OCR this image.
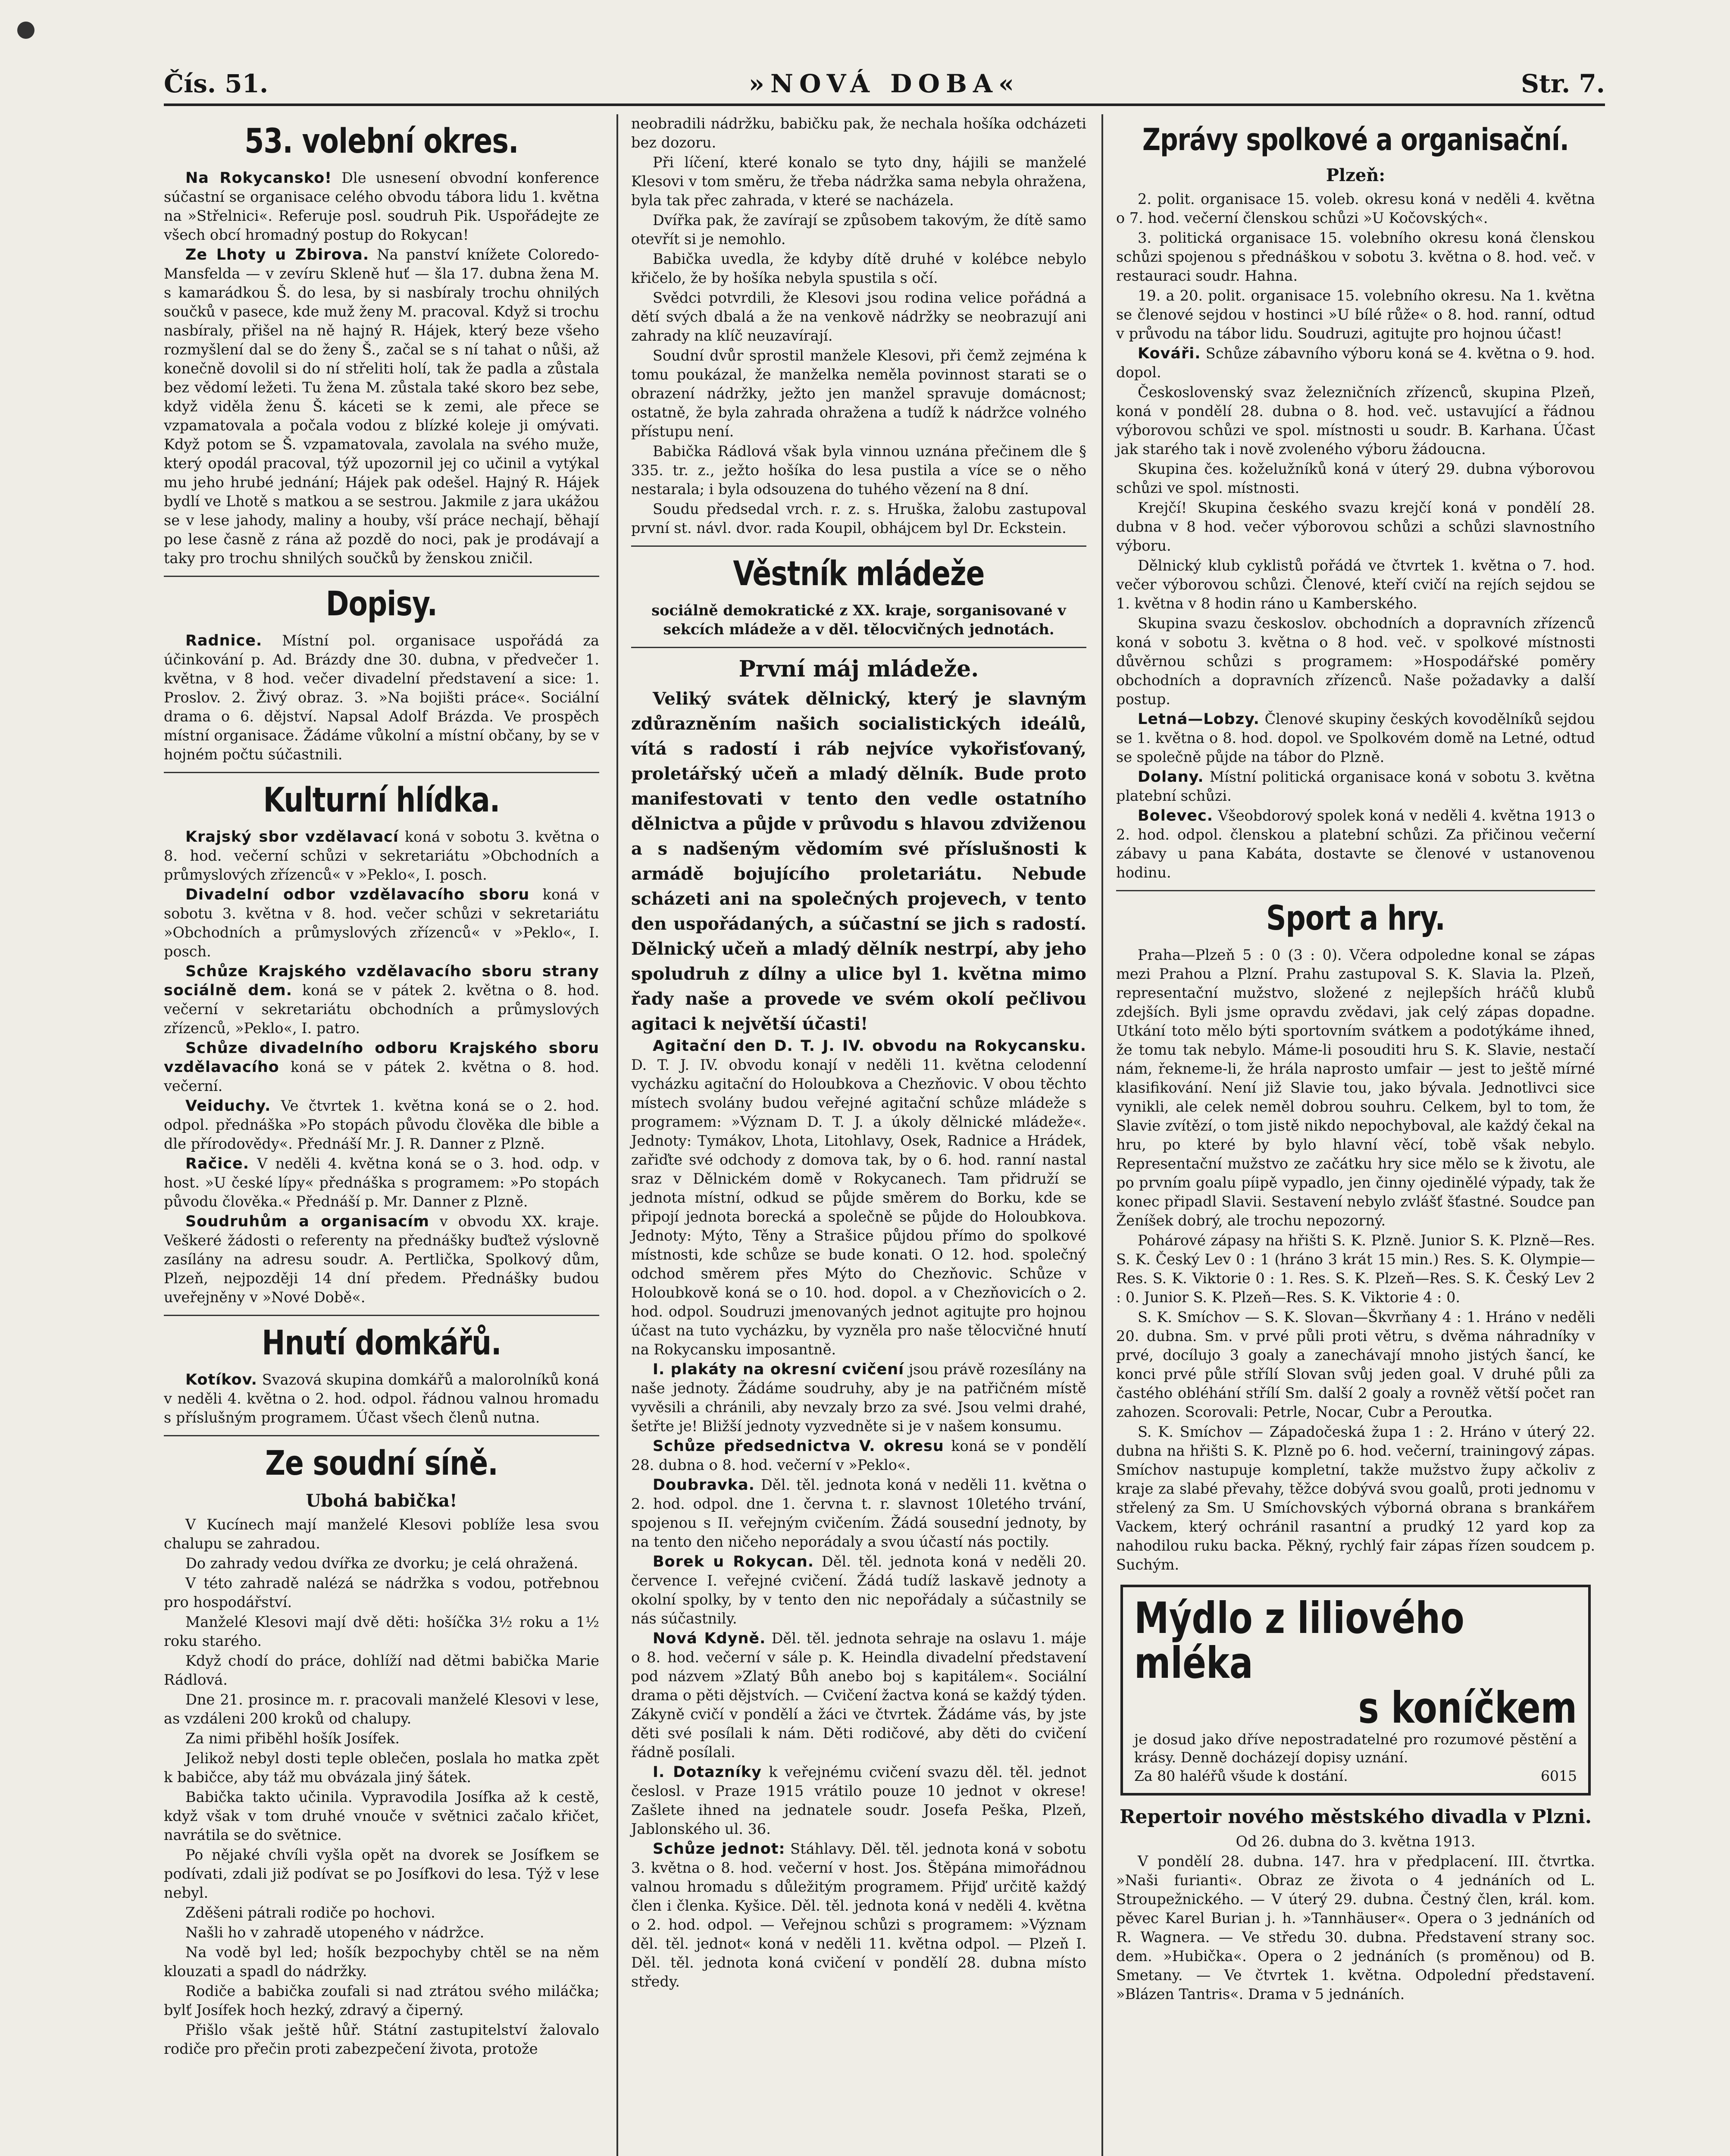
Čís. 51.	»NOVÁ DOBA«	Str. 7.
53. volební okres.

Na Rokycansko! Dle usnesení obvodní konference súčastní se organisace celého obvodu tábora lidu 1. května na »Střelnici«. Referuje posl. soudruh Pik. Uspořádejte ze všech obcí hromadný postup do Rokycan!

Ze Lhoty u Zbirova. Na panství knížete Coloredo-Mansfelda — v zevíru Skleně huť — šla 17. dubna žena M. s kamarádkou Š. do lesa, by si nasbíraly trochu ohnilých součků v pasece, kde muž ženy M. pracoval. Když si trochu nasbíraly, přišel na ně hajný R. Hájek, který beze všeho rozmyšlení dal se do ženy Š., začal se s ní tahat o nůši, až konečně dovolil si do ní střeliti holí, tak že padla a zůstala bez vědomí ležeti. Tu žena M. zůstala také skoro bez sebe, když viděla ženu Š. káceti se k zemi, ale přece se vzpamatovala a počala vodou z blízké koleje ji omývati. Když potom se Š. vzpamatovala, zavolala na svého muže, který opodál pracoval, týž upozornil jej co učinil a vytýkal mu jeho hrubé jednání; Hájek pak odešel. Hajný R. Hájek bydlí ve Lhotě s matkou a se sestrou. Jakmile z jara ukážou se v lese jahody, maliny a houby, vší práce nechají, běhají po lese časně z rána až pozdě do noci, pak je prodávají a taky pro trochu shnilých součků by ženskou zničil.

Dopisy.

Radnice. Místní pol. organisace uspořádá za účinkování p. Ad. Brázdy dne 30. dubna, v předvečer 1. května, v 8 hod. večer divadelní představení a sice: 1. Proslov. 2. Živý obraz. 3. »Na bojišti práce«. Sociální drama o 6. dějství. Napsal Adolf Brázda. Ve prospěch místní organisace. Žádáme vůkolní a místní občany, by se v hojném počtu súčastnili.

Kulturní hlídka.

Krajský sbor vzdělavací koná v sobotu 3. května o 8. hod. večerní schůzi v sekretariátu »Obchodních a průmyslových zřízenců« v »Peklo«, I. posch.

Divadelní odbor vzdělavacího sboru koná v sobotu 3. května v 8. hod. večer schůzi v sekretariátu »Obchodních a průmyslových zřízenců« v »Peklo«, I. posch.

Schůze Krajského vzdělavacího sboru strany sociálně dem. koná se v pátek 2. května o 8. hod. večerní v sekretariátu obchodních a průmyslových zřízenců, »Peklo«, I. patro.

Schůze divadelního odboru Krajského sboru vzdělavacího koná se v pátek 2. května o 8. hod. večerní.

Veiduchy. Ve čtvrtek 1. května koná se o 2. hod. odpol. přednáška »Po stopách původu člověka dle bible a dle přírodovědy«. Přednáší Mr. J. R. Danner z Plzně.

Račice. V neděli 4. května koná se o 3. hod. odp. v host. »U české lípy« přednáška s programem: »Po stopách původu člověka.« Přednáší p. Mr. Danner z Plzně.

Soudruhům a organisacím v obvodu XX. kraje. Veškeré žádosti o referenty na přednášky buďtež výslovně zasílány na adresu soudr. A. Pertlička, Spolkový dům, Plzeň, nejpozději 14 dní předem. Přednášky budou uveřejněny v »Nové Době«.

Hnutí domkářů.

Kotíkov. Svazová skupina domkářů a malorolníků koná v neděli 4. května o 2. hod. odpol. řádnou valnou hromadu s příslušným programem. Účast všech členů nutna.

Ze soudní síně.
Ubohá babička!

V Kucínech mají manželé Klesovi poblíže lesa svou chalupu se zahradou.

Do zahrady vedou dvířka ze dvorku; je celá ohražená.

V této zahradě nalézá se nádržka s vodou, potřebnou pro hospodářství.

Manželé Klesovi mají dvě děti: hošíčka 3½ roku a 1½ roku starého.

Když chodí do práce, dohlíží nad dětmi babička Marie Rádlová.

Dne 21. prosince m. r. pracovali manželé Klesovi v lese, as vzdáleni 200 kroků od chalupy.

Za nimi přiběhl hošík Josífek.

Jelikož nebyl dosti teple oblečen, poslala ho matka zpět k babičce, aby táž mu obvázala jiný šátek.

Babička takto učinila. Vypravodila Josífka až k cestě, když však v tom druhé vnouče v světnici začalo křičet, navrátila se do světnice.

Po nějaké chvíli vyšla opět na dvorek se Josífkem se podívati, zdali již podívat se po Josífkovi do lesa. Týž v lese nebyl.

Zděšeni pátrali rodiče po hochovi.

Našli ho v zahradě utopeného v nádržce.

Na vodě byl led; hošík bezpochyby chtěl se na něm klouzati a spadl do nádržky.

Rodiče a babička zoufali si nad ztrátou svého miláčka; bylť Josífek hoch hezký, zdravý a čiperný.

Přišlo však ještě hůř. Státní zastupitelství žalovalo rodiče pro přečin proti zabezpečení života, protože

neobradili nádržku, babičku pak, že nechala hošíka odcházeti bez dozoru.

Při líčení, které konalo se tyto dny, hájili se manželé Klesovi v tom směru, že třeba nádržka sama nebyla ohražena, byla tak přec zahrada, v které se nacházela.

Dvířka pak, že zavírají se způsobem takovým, že dítě samo otevřít si je nemohlo.

Babička uvedla, že kdyby dítě druhé v kolébce nebylo křičelo, že by hošíka nebyla spustila s očí.

Svědci potvrdili, že Klesovi jsou rodina velice pořádná a dětí svých dbalá a že na venkově nádržky se neobrazují ani zahrady na klíč neuzavírají.

Soudní dvůr sprostil manžele Klesovi, při čemž zejména k tomu poukázal, že manželka neměla povinnost starati se o obrazení nádržky, ježto jen manžel spravuje domácnost; ostatně, že byla zahrada ohražena a tudíž k nádržce volného přístupu není.

Babička Rádlová však byla vinnou uznána přečinem dle § 335. tr. z., ježto hošíka do lesa pustila a více se o něho nestarala; i byla odsouzena do tuhého vězení na 8 dní.

Soudu předsedal vrch. r. z. s. Hruška, žalobu zastupoval první st. návl. dvor. rada Koupil, obhájcem byl Dr. Eckstein.

Věstník mládeže

sociálně demokratické z XX. kraje, sorganisované v sekcích mládeže a v děl. tělocvičných jednotách.

První máj mládeže.

Veliký svátek dělnický, který je slavným zdůrazněním našich socialistických ideálů, vítá s radostí i ráb nejvíce vykořisťovaný, proletářský učeň a mladý dělník. Bude proto manifestovati v tento den vedle ostatního dělnictva a půjde v průvodu s hlavou zdviženou a s nadšeným vědomím své příslušnosti k armádě bojujícího proletariátu. Nebude scházeti ani na společných projevech, v tento den uspořádaných, a súčastní se jich s radostí. Dělnický učeň a mladý dělník nestrpí, aby jeho spoludruh z dílny a ulice byl 1. května mimo řady naše a provede ve svém okolí pečlivou agitaci k největší účasti!

Agitační den D. T. J. IV. obvodu na Rokycansku. D. T. J. IV. obvodu konají v neděli 11. května celodenní vycházku agitační do Holoubkova a Chezňovic. V obou těchto místech svolány budou veřejné agitační schůze mládeže s programem: »Význam D. T. J. a úkoly dělnické mládeže«. Jednoty: Tymákov, Lhota, Litohlavy, Osek, Radnice a Hrádek, zařiďte své odchody z domova tak, by o 6. hod. ranní nastal sraz v Dělnickém domě v Rokycanech. Tam přidruží se jednota místní, odkud se půjde směrem do Borku, kde se připojí jednota borecká a společně se půjde do Holoubkova. Jednoty: Mýto, Těny a Strašice půjdou přímo do spolkové místnosti, kde schůze se bude konati. O 12. hod. společný odchod směrem přes Mýto do Chezňovic. Schůze v Holoubkově koná se o 10. hod. dopol. a v Chezňovicích o 2. hod. odpol. Soudruzi jmenovaných jednot agitujte pro hojnou účast na tuto vycházku, by vyzněla pro naše tělocvičné hnutí na Rokycansku imposantně.

I. plakáty na okresní cvičení jsou právě rozesílány na naše jednoty. Žádáme soudruhy, aby je na patřičném místě vyvěsili a chránili, aby nevzaly brzo za své. Jsou velmi drahé, šetřte je! Bližší jednoty vyzvedněte si je v našem konsumu.

Schůze předsednictva V. okresu koná se v pondělí 28. dubna o 8. hod. večerní v »Peklo«.

Doubravka. Děl. těl. jednota koná v neděli 11. května o 2. hod. odpol. dne 1. června t. r. slavnost 10letého trvání, spojenou s II. veřejným cvičením. Žádá sousední jednoty, by na tento den ničeho neporádaly a svou účastí nás poctily.

Borek u Rokycan. Děl. těl. jednota koná v neděli 20. července I. veřejné cvičení. Žádá tudíž laskavě jednoty a okolní spolky, by v tento den nic nepořádaly a súčastnily se nás súčastnily.

Nová Kdyně. Děl. těl. jednota sehraje na oslavu 1. máje o 8. hod. večerní v sále p. K. Heindla divadelní představení pod názvem »Zlatý Bůh anebo boj s kapitálem«. Sociální drama o pěti dějstvích. — Cvičení žactva koná se každý týden. Zákyně cvičí v pondělí a žáci ve čtvrtek. Žádáme vás, by jste děti své posílali k nám. Děti rodičové, aby děti do cvičení řádně posílali.

I. Dotazníky k veřejnému cvičení svazu děl. těl. jednot česlosl. v Praze 1915 vrátilo pouze 10 jednot v okrese! Zašlete ihned na jednatele soudr. Josefa Peška, Plzeň, Jablonského ul. 36.

Schůze jednot: Stáhlavy. Děl. těl. jednota koná v sobotu 3. května o 8. hod. večerní v host. Jos. Štěpána mimořádnou valnou hromadu s důležitým programem. Přijď určitě každý člen i členka. Kyšice. Děl. těl. jednota koná v neděli 4. května o 2. hod. odpol. — Veřejnou schůzi s programem: »Význam děl. těl. jednot« koná v neděli 11. května odpol. — Plzeň I. Děl. těl. jednota koná cvičení v pondělí 28. dubna místo středy.

Zprávy spolkové a organisační.
Plzeň:

2. polit. organisace 15. voleb. okresu koná v neděli 4. května o 7. hod. večerní členskou schůzi »U Kočovských«.

3. politická organisace 15. volebního okresu koná členskou schůzi spojenou s přednáškou v sobotu 3. května o 8. hod. več. v restauraci soudr. Hahna.

19. a 20. polit. organisace 15. volebního okresu. Na 1. května se členové sejdou v hostinci »U bílé růže« o 8. hod. ranní, odtud v průvodu na tábor lidu. Soudruzi, agitujte pro hojnou účast!

Kováři. Schůze zábavního výboru koná se 4. května o 9. hod. dopol.

Československý svaz železničních zřízenců, skupina Plzeň, koná v pondělí 28. dubna o 8. hod. več. ustavující a řádnou výborovou schůzi ve spol. místnosti u soudr. B. Karhana. Účast jak starého tak i nově zvoleného výboru žádoucna.

Skupina čes. koželužníků koná v úterý 29. dubna výborovou schůzi ve spol. místnosti.

Krejčí! Skupina českého svazu krejčí koná v pondělí 28. dubna v 8 hod. večer výborovou schůzi a schůzi slavnostního výboru.

Dělnický klub cyklistů pořádá ve čtvrtek 1. května o 7. hod. večer výborovou schůzi. Členové, kteří cvičí na rejích sejdou se 1. května v 8 hodin ráno u Kamberského.

Skupina svazu českoslov. obchodních a dopravních zřízenců koná v sobotu 3. května o 8 hod. več. v spolkové místnosti důvěrnou schůzi s programem: »Hospodářské poměry obchodních a dopravních zřízenců. Naše požadavky a další postup.

Letná—Lobzy. Členové skupiny českých kovodělníků sejdou se 1. května o 8. hod. dopol. ve Spolkovém domě na Letné, odtud se společně půjde na tábor do Plzně.

Dolany. Místní politická organisace koná v sobotu 3. května platební schůzi.

Bolevec. Všeobdorový spolek koná v neděli 4. května 1913 o 2. hod. odpol. členskou a platební schůzi. Za přičinou večerní zábavy u pana Kabáta, dostavte se členové v ustanovenou hodinu.

Sport a hry.

Praha—Plzeň 5 : 0 (3 : 0). Včera odpoledne konal se zápas mezi Prahou a Plzní. Prahu zastupoval S. K. Slavia la. Plzeň, representační mužstvo, složené z nejlepších hráčů klubů zdejších. Byli jsme opravdu zvědavi, jak celý zápas dopadne. Utkání toto mělo býti sportovním svátkem a podotýkáme ihned, že tomu tak nebylo. Máme-li posouditi hru S. K. Slavie, nestačí nám, řekneme-li, že hrála naprosto umfair — jest to ještě mírné klasifikování. Není již Slavie tou, jako bývala. Jednotlivci sice vynikli, ale celek neměl dobrou souhru. Celkem, byl to tom, že Slavie zvítězí, o tom jistě nikdo nepochyboval, ale každý čekal na hru, po které by bylo hlavní věcí, tobě však nebylo. Representační mužstvo ze začátku hry sice mělo se k životu, ale po prvním goalu píipě vypadlo, jen činny ojedinělé výpady, tak že konec připadl Slavii. Sestavení nebylo zvlášť šťastné. Soudce pan Ženíšek dobrý, ale trochu nepozorný.

Pohárové zápasy na hřišti S. K. Plzně. Junior S. K. Plzně—Res. S. K. Český Lev 0 : 1 (hráno 3 krát 15 min.) Res. S. K. Olympie—Res. S. K. Viktorie 0 : 1. Res. S. K. Plzeň—Res. S. K. Český Lev 2 : 0. Junior S. K. Plzeň—Res. S. K. Viktorie 4 : 0.

S. K. Smíchov — S. K. Slovan—Škvrňany 4 : 1. Hráno v neděli 20. dubna. Sm. v prvé půli proti větru, s dvěma náhradníky v prvé, docílujo 3 goaly a zanechávají mnoho jistých šancí, ke konci prvé půle střílí Slovan svůj jeden goal. V druhé půli za častého obléhání střílí Sm. další 2 goaly a rovněž větší počet ran zahozen. Scorovali: Petrle, Nocar, Cubr a Peroutka.

S. K. Smíchov — Západočeská župa 1 : 2. Hráno v úterý 22. dubna na hřišti S. K. Plzně po 6. hod. večerní, trainingový zápas. Smíchov nastupuje kompletní, takže mužstvo župy ačkoliv z kraje za slabé převahy, těžce dobývá svou goalů, proti jednomu v střelený za Sm. U Smíchovských výborná obrana s brankářem Vackem, který ochránil rasantní a prudký 12 yard kop za nahodilou ruku backa. Pěkný, rychlý fair zápas řízen soudcem p. Suchým.

Mýdlo z liliového mléka
s koníčkem

je dosud jako dříve nepostradatelné pro rozumové pěstění a krásy. Denně docházejí dopisy uznání.

Za 80 haléřů všude k dostání.	6015
Repertoir nového městského divadla v Plzni.

Od 26. dubna do 3. května 1913.

V pondělí 28. dubna. 147. hra v předplacení. III. čtvrtka. »Naši furianti«. Obraz ze života o 4 jednáních od L. Stroupežnického. — V úterý 29. dubna. Čestný člen, král. kom. pěvec Karel Burian j. h. »Tannhäuser«. Opera o 3 jednáních od R. Wagnera. — Ve středu 30. dubna. Představení strany soc. dem. »Hubička«. Opera o 2 jednáních (s proměnou) od B. Smetany. — Ve čtvrtek 1. května. Odpolední představení. »Blázen Tantris«. Drama v 5 jednáních.
